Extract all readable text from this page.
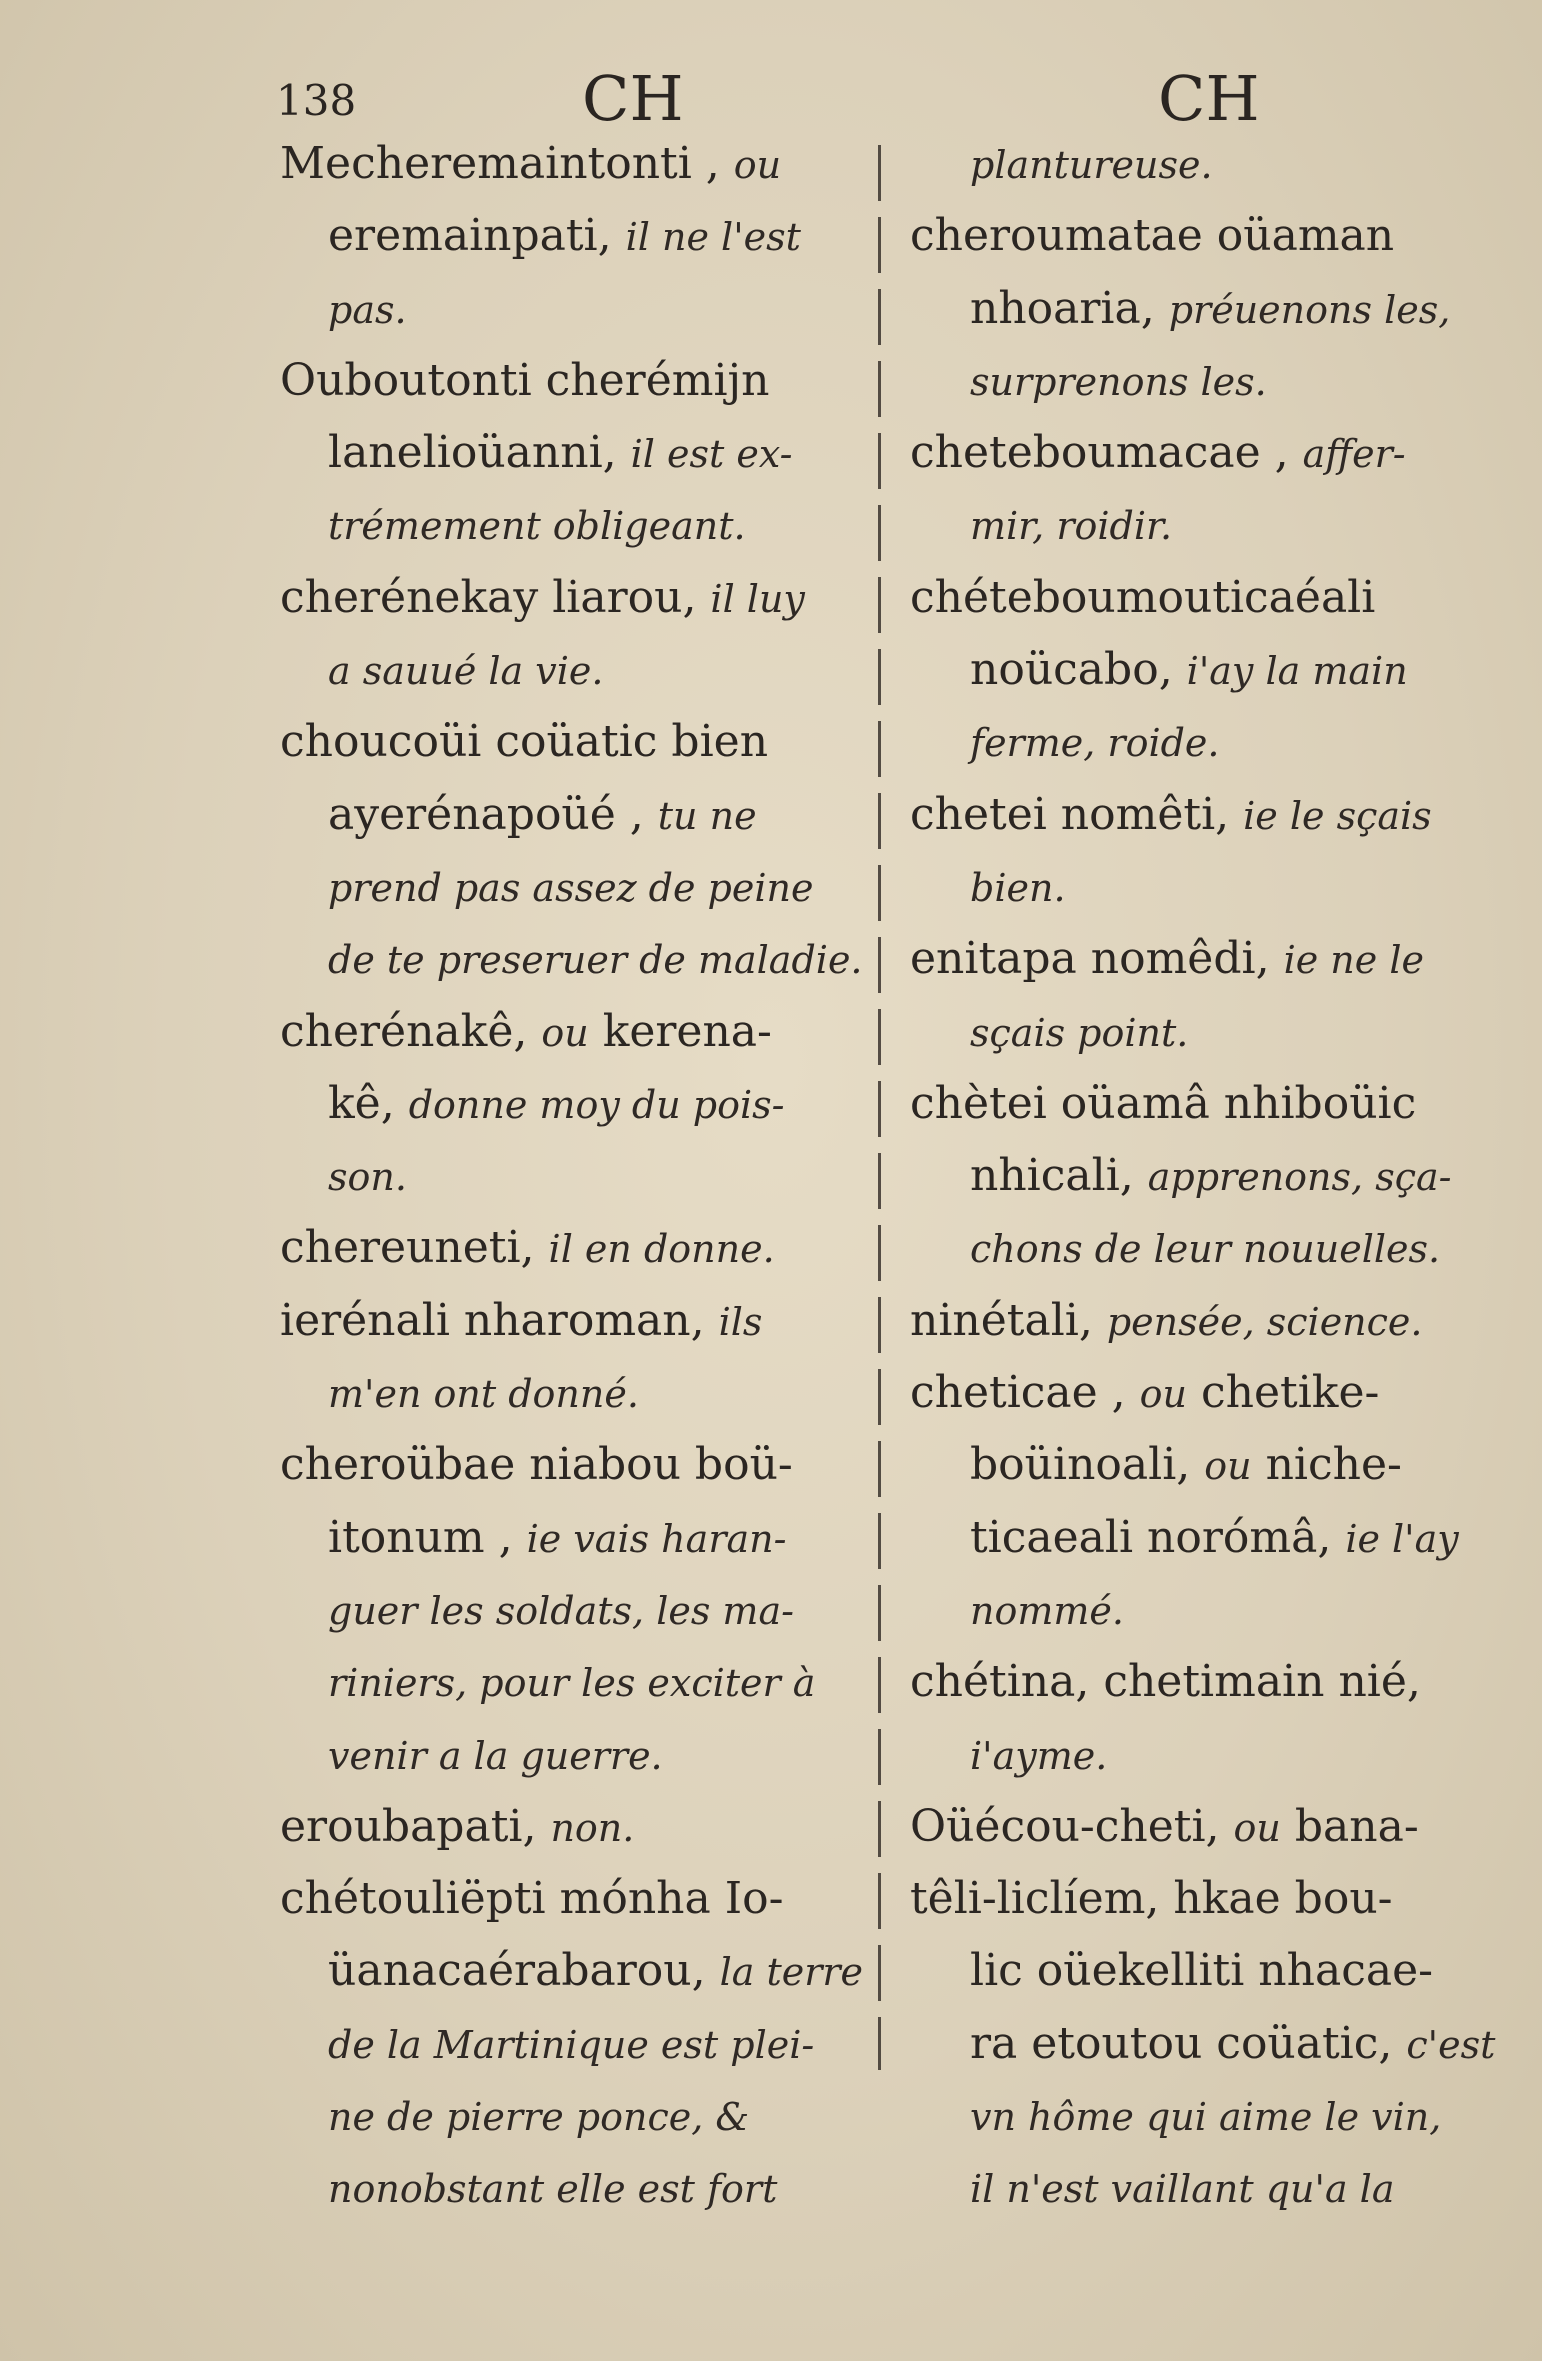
138	CH	CH
Mecheremaintonti , ou
eremainpati, il ne l'est
pas.
Ouboutonti cherémijn
lanelioüanni, il est ex-
trémement obligeant.
cherénekay liarou, il luy
a sauué la vie.
choucoüi coüatic bien
ayerénapoüé , tu ne
prend pas assez de peine
de te preseruer de maladie.
cherénakê, ou kerena-
kê, donne moy du pois-
son.
chereuneti, il en donne.
ierénali nharoman, ils
m'en ont donné.
cheroübae niabou boü-
itonum , ie vais haran-
guer les soldats, les ma-
riniers, pour les exciter à
venir a la guerre.
eroubapati, non.
chétouliëpti mónha Io-
üanacaérabarou, la terre
de la Martinique est plei-
ne de pierre ponce, &
nonobstant elle est fort
plantureuse.
cheroumatae oüaman
nhoaria, préuenons les,
surprenons les.
cheteboumacae , affer-
mir, roidir.
chéteboumouticaéali
noücabo, i'ay la main
ferme, roide.
chetei nomêti, ie le sçais
bien.
enitapa nomêdi, ie ne le
sçais point.
chètei oüamâ nhiboüic
nhicali, apprenons, sça-
chons de leur nouuelles.
ninétali, pensée, science.
cheticae , ou chetike-
boüinoali, ou niche-
ticaeali norómâ, ie l'ay
nommé.
chétina, chetimain nié,
i'ayme.
Oüécou-cheti, ou bana-
têli-liclíem, hkae bou-
lic oüekelliti nhacae-
ra etoutou coüatic, c'est
vn hôme qui aime le vin,
il n'est vaillant qu'a la
